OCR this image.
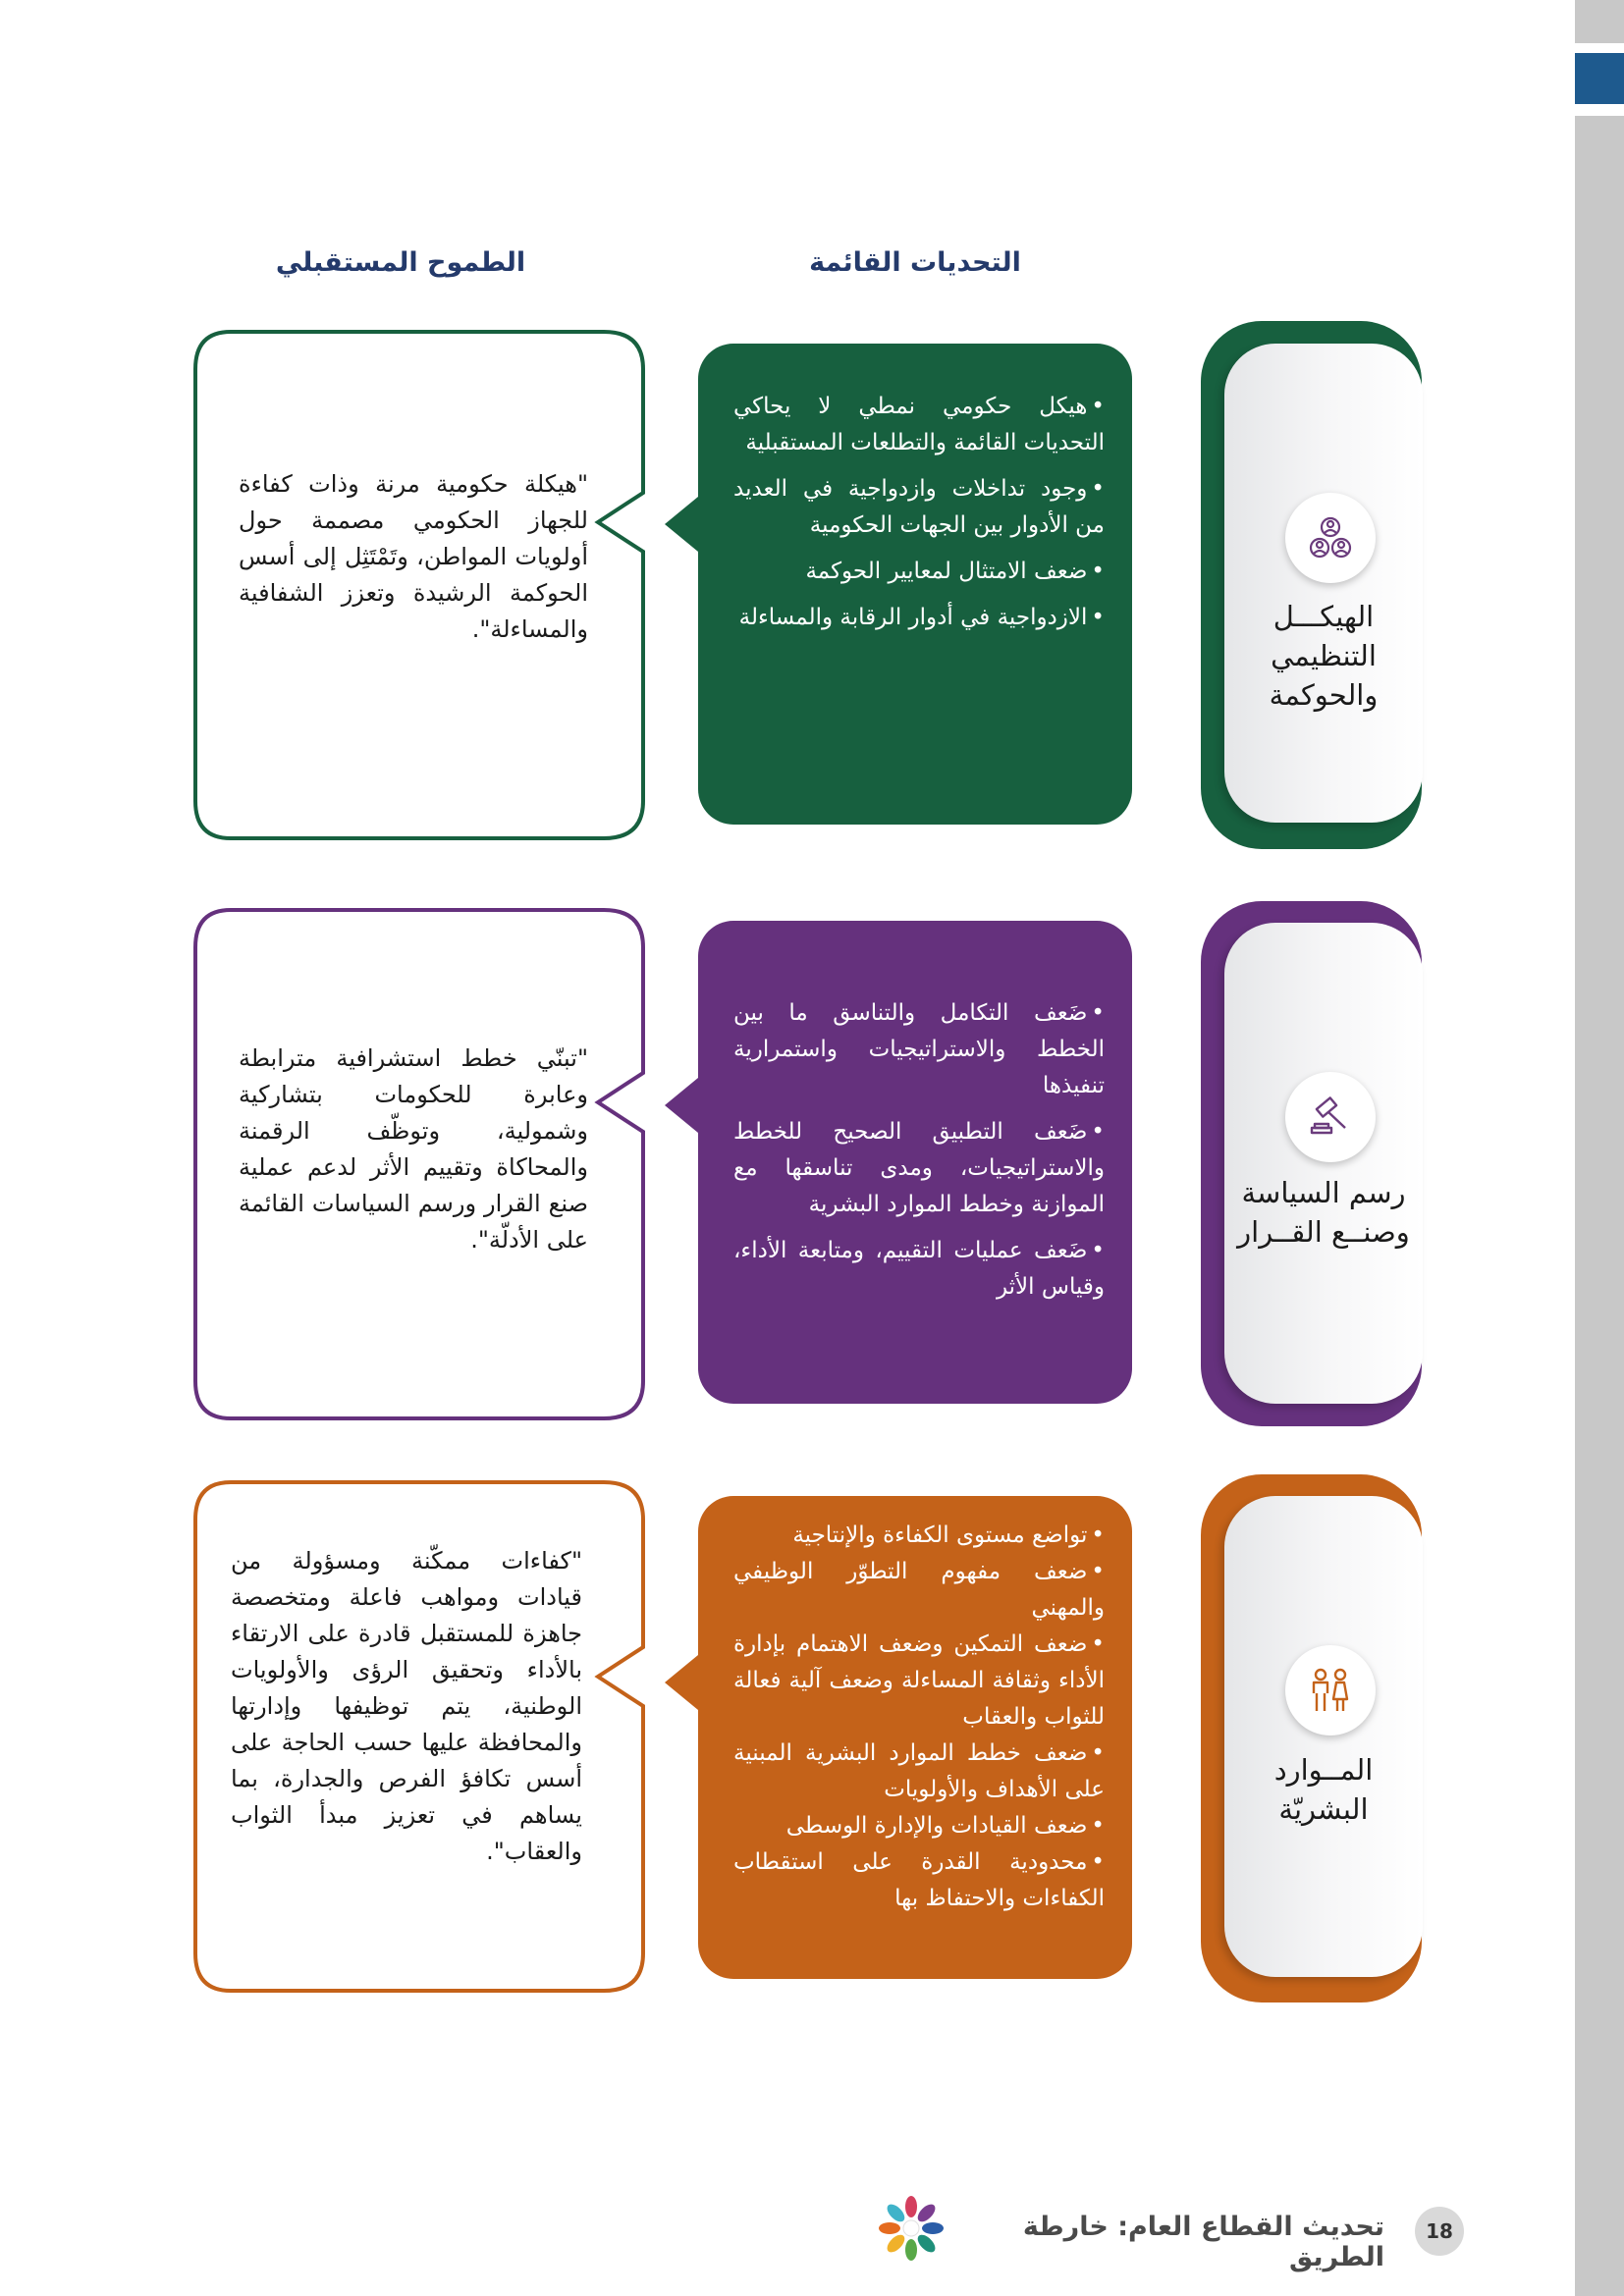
التحديات القائمة
الطموح المستقبلي
الهيكـــل
التنظيمي
والحوكمة
• هيكل حكومي نمطي لا يحاكي التحديات القائمة والتطلعات المستقبلية
• وجود تداخلات وازدواجية في العديد من الأدوار بين الجهات الحكومية
• ضعف الامتثال لمعايير الحوكمة
• الازدواجية في أدوار الرقابة والمساءلة
"هيكلة حكومية مرنة وذات كفاءة للجهاز الحكومي مصممة حول أولويات المواطن، وتَمْتَثِل إلى أسس الحوكمة الرشيدة وتعزز الشفافية والمساءلة".
رسم السياسة
وصنــع القــرار
• ضَعف التكامل والتناسق ما بين الخطط والاستراتيجيات واستمرارية تنفيذها
• ضَعف التطبيق الصحيح للخطط والاستراتيجيات، ومدى تناسقها مع الموازنة وخطط الموارد البشرية
• ضَعف عمليات التقييم، ومتابعة الأداء، وقياس الأثر
"تبنّي خطط استشرافية مترابطة وعابرة للحكومات بتشاركية وشمولية، وتوظّف الرقمنة والمحاكاة وتقييم الأثر لدعم عملية صنع القرار ورسم السياسات القائمة على الأدلّة".
المــوارد
البشريّة
• تواضع مستوى الكفاءة والإنتاجية
• ضعف مفهوم التطوّر الوظيفي والمهني
• ضعف التمكين وضعف الاهتمام بإدارة الأداء وثقافة المساءلة وضعف آلية فعالة للثواب والعقاب
• ضعف خطط الموارد البشرية المبنية على الأهداف والأولويات
• ضعف القيادات والإدارة الوسطى
• محدودية القدرة على استقطاب الكفاءات والاحتفاظ بها
"كفاءات ممكّنة ومسؤولة من قيادات ومواهب فاعلة ومتخصصة جاهزة للمستقبل قادرة على الارتقاء بالأداء وتحقيق الرؤى والأولويات الوطنية، يتم توظيفها وإدارتها والمحافظة عليها حسب الحاجة على أسس تكافؤ الفرص والجدارة، بما يساهم في تعزيز مبدأ الثواب والعقاب".
تحديث القطاع العام: خارطة الطريق
18
